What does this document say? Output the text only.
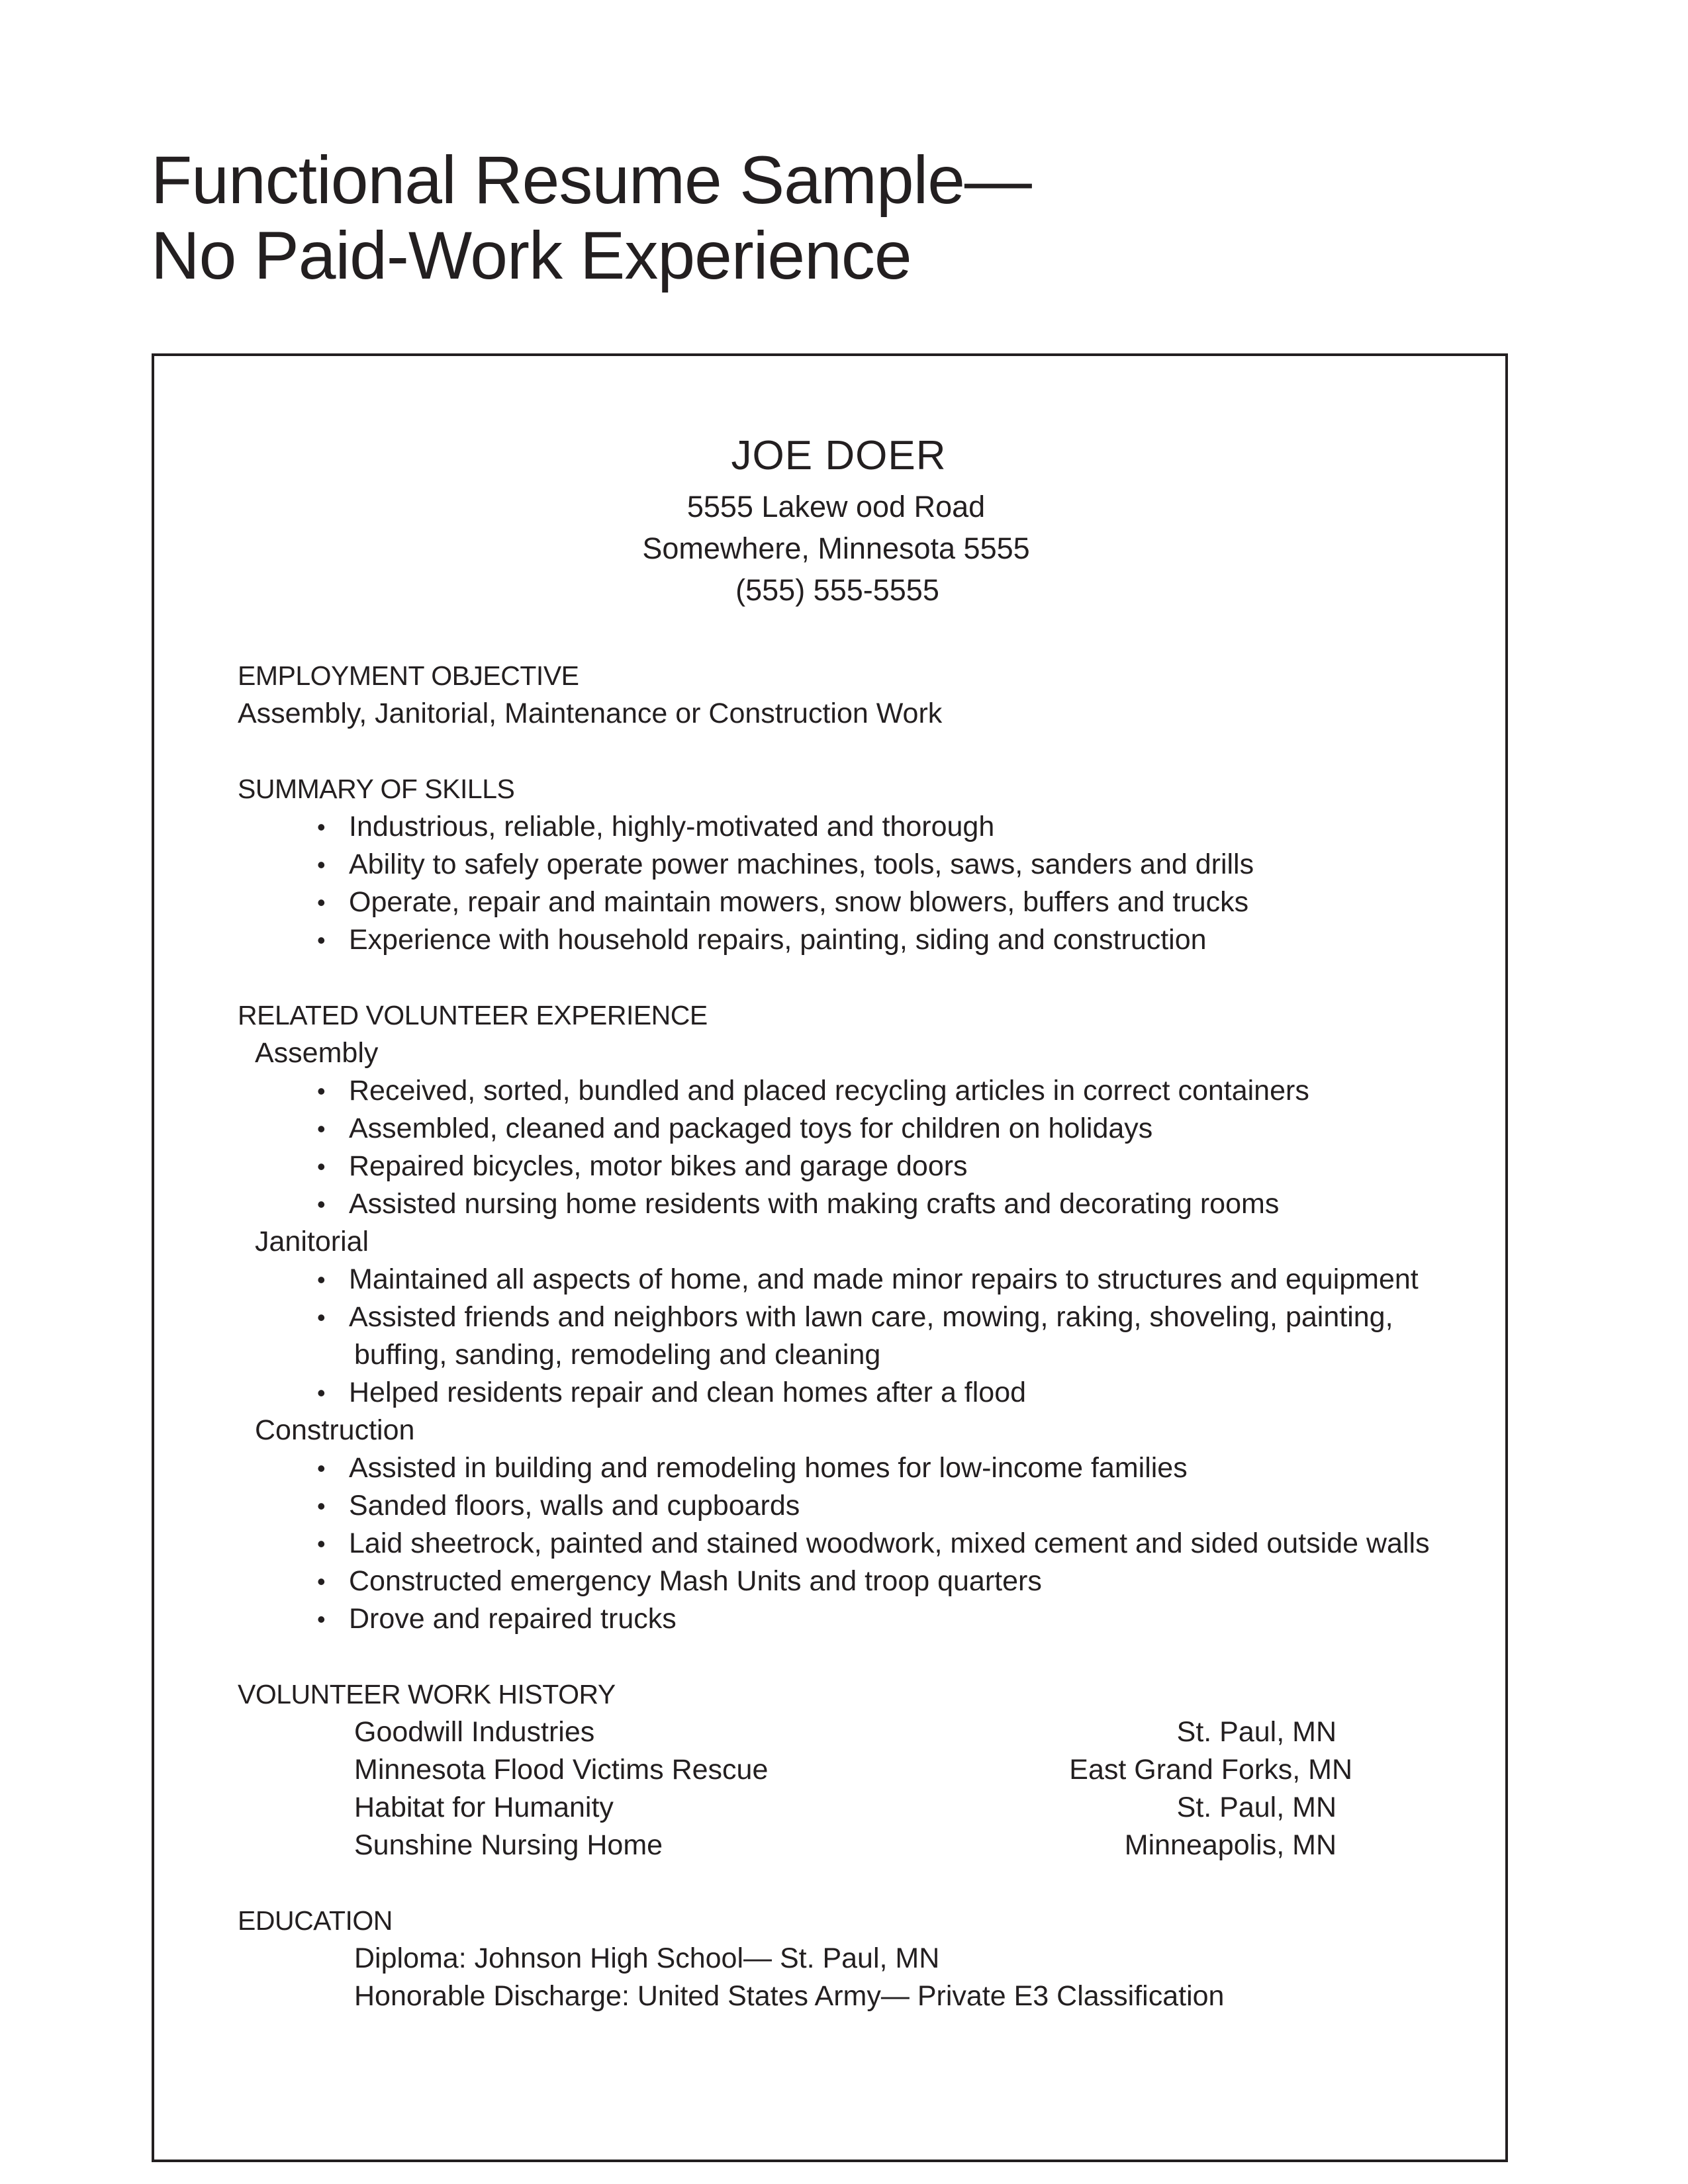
Functional Resume Sample—
No Paid-Work Experience
JOE DOER
5555 Lakew ood Road
Somewhere, Minnesota 5555
(555) 555-5555
EMPLOYMENT OBJECTIVE
Assembly, Janitorial, Maintenance or Construction Work
SUMMARY OF SKILLS
• Industrious, reliable, highly-motivated and thorough
• Ability to safely operate power machines, tools, saws, sanders and drills
• Operate, repair and maintain mowers, snow blowers, buffers and trucks
• Experience with household repairs, painting, siding and construction
RELATED VOLUNTEER EXPERIENCE
Assembly
• Received, sorted, bundled and placed recycling articles in correct containers
• Assembled, cleaned and packaged toys for children on holidays
• Repaired bicycles, motor bikes and garage doors
• Assisted nursing home residents with making crafts and decorating rooms
Janitorial
• Maintained all aspects of home, and made minor repairs to structures and equipment
• Assisted friends and neighbors with lawn care, mowing, raking, shoveling, painting,
buffing, sanding, remodeling and cleaning
• Helped residents repair and clean homes after a flood
Construction
• Assisted in building and remodeling homes for low-income families
• Sanded floors, walls and cupboards
• Laid sheetrock, painted and stained woodwork, mixed cement and sided outside walls
• Constructed emergency Mash Units and troop quarters
• Drove and repaired trucks
VOLUNTEER WORK HISTORY
Goodwill Industries	St. Paul, MN
Minnesota Flood Victims Rescue	East Grand Forks, MN
Habitat for Humanity	St. Paul, MN
Sunshine Nursing Home	Minneapolis, MN
EDUCATION
Diploma: Johnson High School— St. Paul, MN
Honorable Discharge: United States Army— Private E3 Classification
